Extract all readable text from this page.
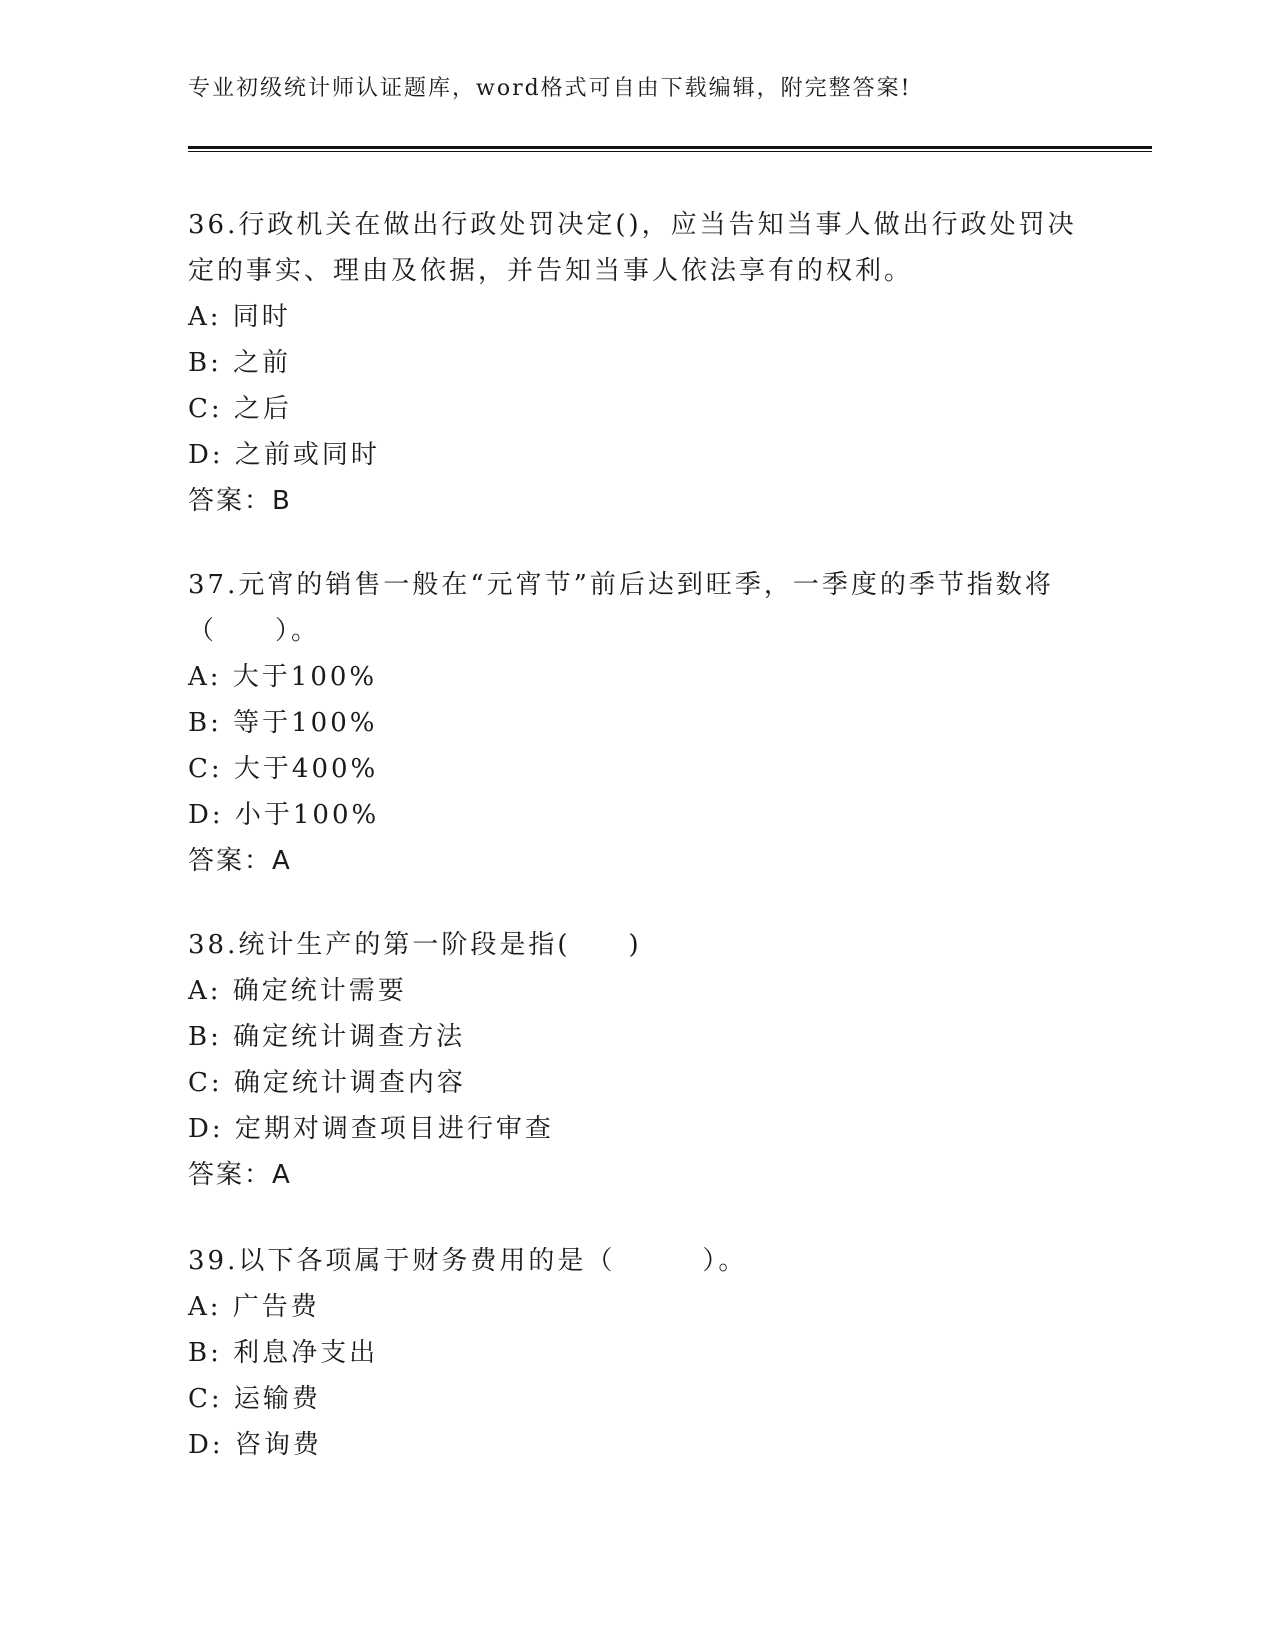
专业初级统计师认证题库，word格式可自由下载编辑，附完整答案!

36.行政机关在做出行政处罚决定()，应当告知当事人做出行政处罚决定的事实、理由及依据，并告知当事人依法享有的权利。

A: 同时

B: 之前

C: 之后

D: 之前或同时

答案：B

37.元宵的销售一般在“元宵节”前后达到旺季，一季度的季节指数将（　　）。

A: 大于100%

B: 等于100%

C: 大于400%

D: 小于100%

答案：A

38.统计生产的第一阶段是指(　　)

A: 确定统计需要

B: 确定统计调查方法

C: 确定统计调查内容

D: 定期对调查项目进行审查

答案：A

39.以下各项属于财务费用的是（　　　）。

A: 广告费

B: 利息净支出

C: 运输费

D: 咨询费
